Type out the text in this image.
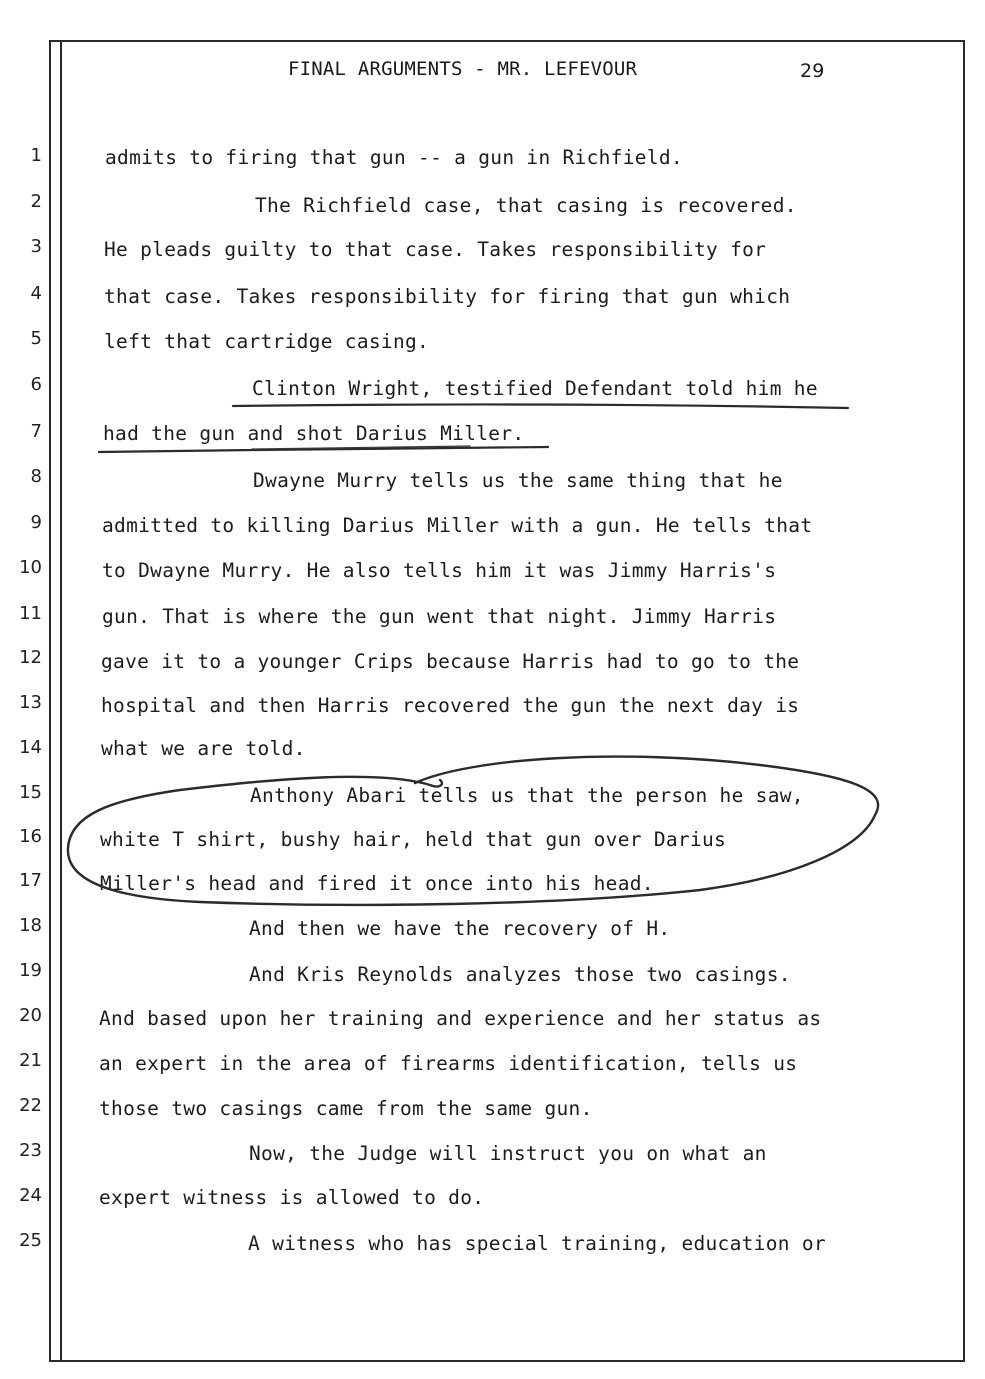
FINAL ARGUMENTS - MR. LEFEVOUR	29
1
2
3
4
5
6
7
8
9
10
11
12
13
14
15
16
17
18
19
20
21
22
23
24
25
admits to firing that gun -- a gun in Richfield.
The Richfield case, that casing is recovered.
He pleads guilty to that case. Takes responsibility for
that case. Takes responsibility for firing that gun which
left that cartridge casing.
Clinton Wright, testified Defendant told him he
had the gun and shot Darius Miller.
Dwayne Murry tells us the same thing that he
admitted to killing Darius Miller with a gun. He tells that
to Dwayne Murry. He also tells him it was Jimmy Harris's
gun. That is where the gun went that night. Jimmy Harris
gave it to a younger Crips because Harris had to go to the
hospital and then Harris recovered the gun the next day is
what we are told.
Anthony Abari tells us that the person he saw,
white T shirt, bushy hair, held that gun over Darius
Miller's head and fired it once into his head.
And then we have the recovery of H.
And Kris Reynolds analyzes those two casings.
And based upon her training and experience and her status as
an expert in the area of firearms identification, tells us
those two casings came from the same gun.
Now, the Judge will instruct you on what an
expert witness is allowed to do.
A witness who has special training, education or
